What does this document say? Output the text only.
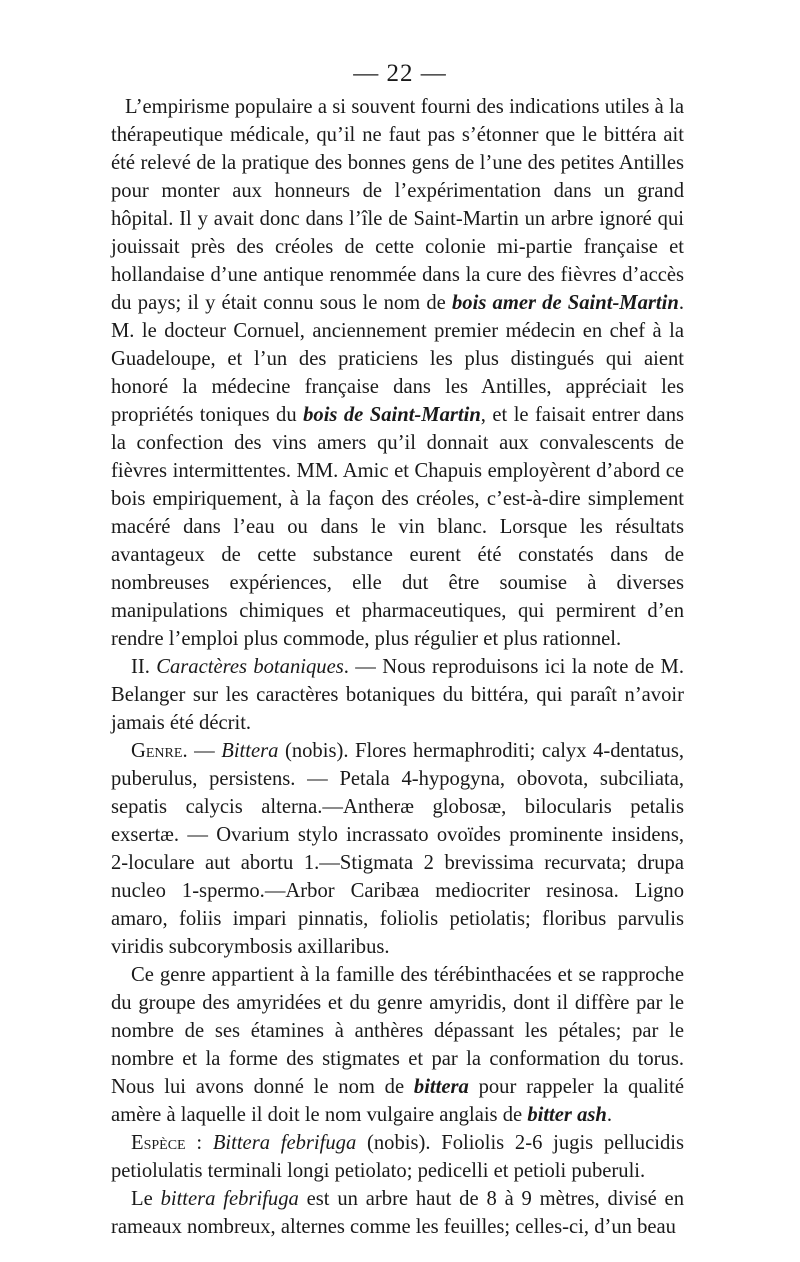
— 22 —

L’empirisme populaire a si souvent fourni des indications utiles à la thérapeutique médicale, qu’il ne faut pas s’étonner que le bittéra ait été relevé de la pratique des bonnes gens de l’une des petites Antilles pour monter aux honneurs de l’expérimentation dans un grand hôpital. Il y avait donc dans l’île de Saint-Martin un arbre ignoré qui jouissait près des créoles de cette colonie mi-partie française et hollandaise d’une antique renommée dans la cure des fièvres d’accès du pays; il y était connu sous le nom de bois amer de Saint-Martin. M. le docteur Cornuel, anciennement premier médecin en chef à la Guadeloupe, et l’un des praticiens les plus distingués qui aient honoré la médecine française dans les Antilles, appréciait les propriétés toniques du bois de Saint-Martin, et le faisait entrer dans la confection des vins amers qu’il donnait aux convalescents de fièvres intermittentes. MM. Amic et Chapuis employèrent d’abord ce bois empiriquement, à la façon des créoles, c’est-à-dire simplement macéré dans l’eau ou dans le vin blanc. Lorsque les résultats avantageux de cette substance eurent été constatés dans de nombreuses expériences, elle dut être soumise à diverses manipulations chimiques et pharmaceutiques, qui permirent d’en rendre l’emploi plus commode, plus régulier et plus rationnel.

II. Caractères botaniques. — Nous reproduisons ici la note de M. Belanger sur les caractères botaniques du bittéra, qui paraît n’avoir jamais été décrit.

Genre. — Bittera (nobis). Flores hermaphroditi; calyx 4-dentatus, puberulus, persistens. — Petala 4-hypogyna, obovota, subciliata, sepatis calycis alterna.—Antheræ globosæ, bilocularis petalis exsertæ. — Ovarium stylo incrassato ovoïdes prominente insidens, 2-loculare aut abortu 1.—Stigmata 2 brevissima recurvata; drupa nucleo 1-spermo.—Arbor Caribæa mediocriter resinosa. Ligno amaro, foliis impari pinnatis, foliolis petiolatis; floribus parvulis viridis subcorymbosis axillaribus.

Ce genre appartient à la famille des térébinthacées et se rapproche du groupe des amyridées et du genre amyridis, dont il diffère par le nombre de ses étamines à anthères dépassant les pétales; par le nombre et la forme des stigmates et par la conformation du torus. Nous lui avons donné le nom de bittera pour rappeler la qualité amère à laquelle il doit le nom vulgaire anglais de bitter ash.

Espèce : Bittera febrifuga (nobis). Foliolis 2-6 jugis pellucidis petiolulatis terminali longi petiolato; pedicelli et petioli puberuli.

Le bittera febrifuga est un arbre haut de 8 à 9 mètres, divisé en rameaux nombreux, alternes comme les feuilles; celles-ci, d’un beau
